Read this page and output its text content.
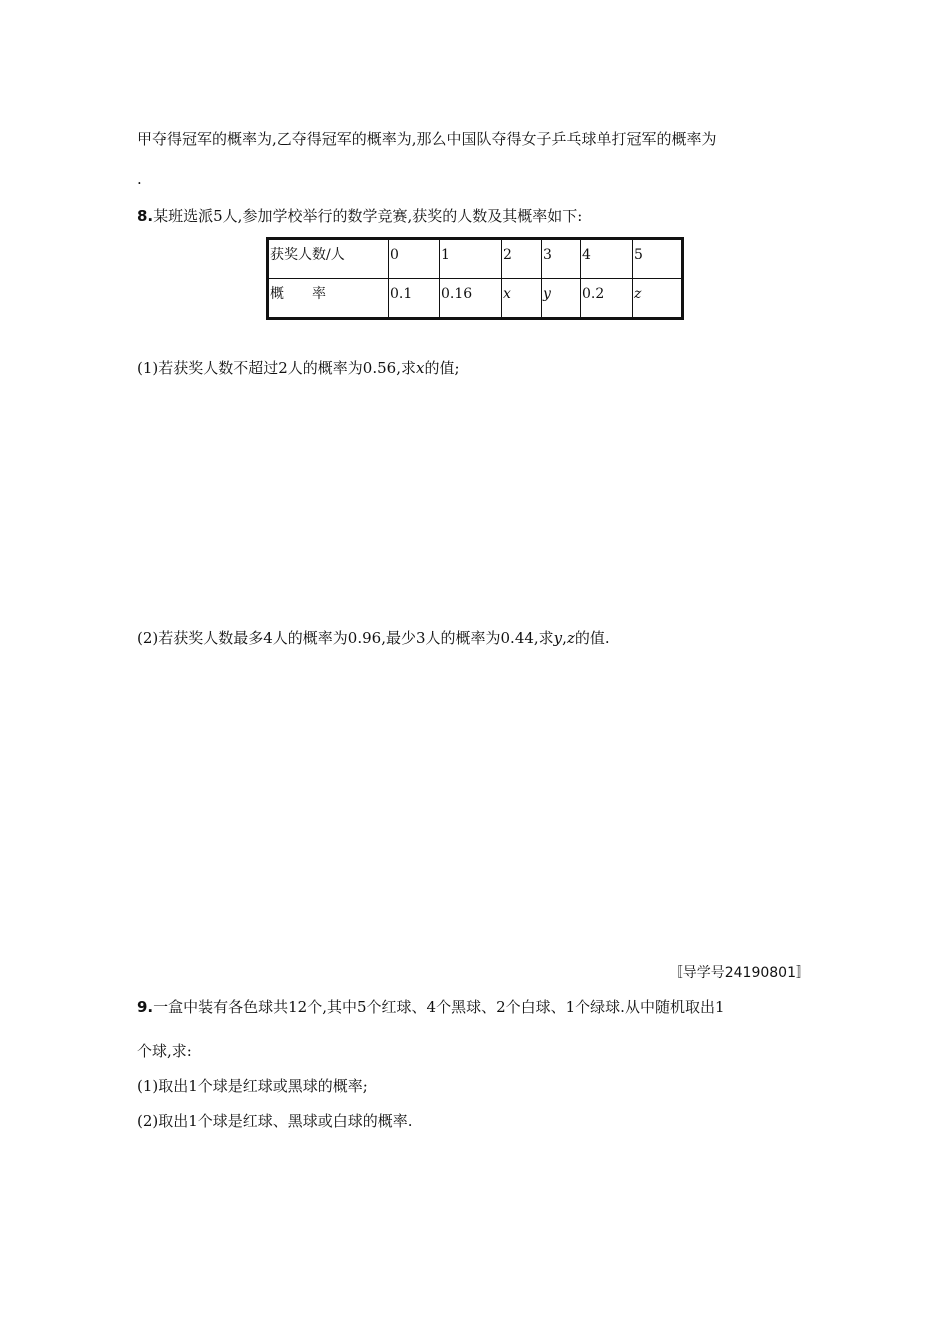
甲夺得冠军的概率为,乙夺得冠军的概率为,那么中国队夺得女子乒乓球单打冠军的概率为
.
8.某班选派5人,参加学校举行的数学竞赛,获奖的人数及其概率如下:
获奖人数/人	0	1	2	3	4	5
概　　率	0.1	0.16	x	y	0.2	z
(1)若获奖人数不超过2人的概率为0.56,求x的值;
(2)若获奖人数最多4人的概率为0.96,最少3人的概率为0.44,求y,z的值.
〚导学号24190801〛
9.一盒中装有各色球共12个,其中5个红球、4个黑球、2个白球、1个绿球.从中随机取出1
个球,求:
(1)取出1个球是红球或黑球的概率;
(2)取出1个球是红球、黑球或白球的概率.
